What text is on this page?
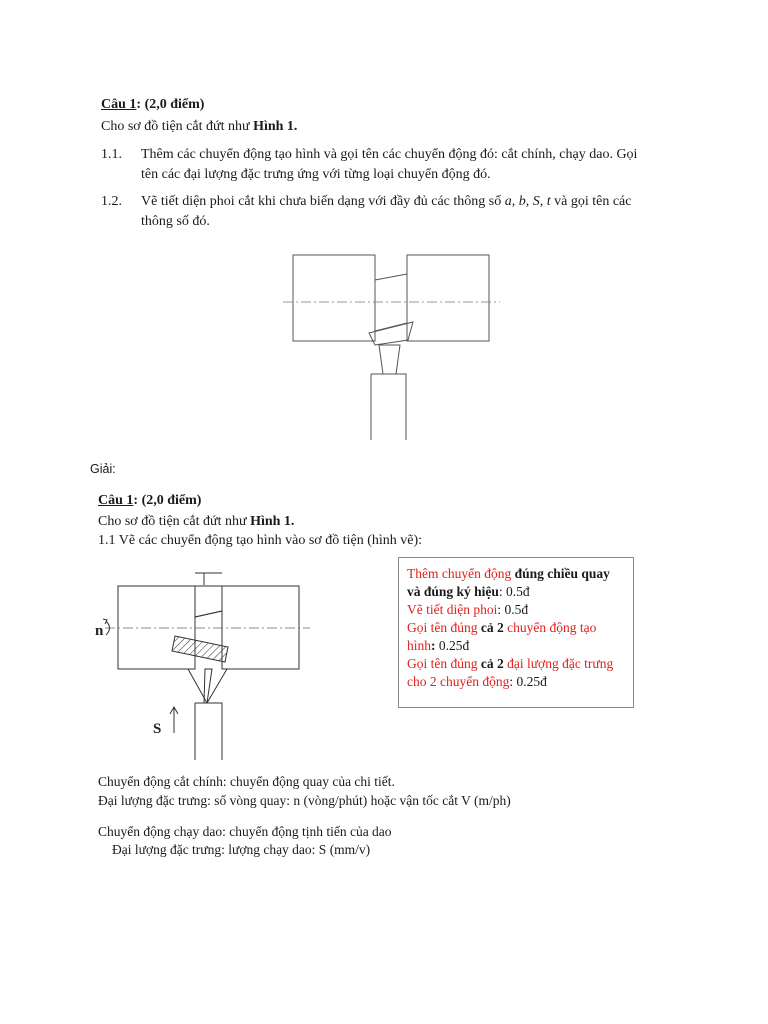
Câu 1: (2,0 điểm)
Cho sơ đồ tiện cắt đứt như Hình 1.
1.1. Thêm các chuyển động tạo hình và gọi tên các chuyển động đó: cắt chính, chạy dao. Gọi
tên các đại lượng đặc trưng ứng với từng loại chuyển động đó.
1.2. Vẽ tiết diện phoi cắt khi chưa biến dạng với đầy đủ các thông số a, b, S, t và gọi tên các
thông số đó.
Giải:
Câu 1: (2,0 điểm)
Cho sơ đồ tiện cắt đứt như Hình 1.
1.1 Vẽ các chuyển động tạo hình vào sơ đồ tiện (hình vẽ):
n
S
Thêm chuyển động đúng chiều quay
và đúng ký hiệu: 0.5đ
Vẽ tiết diện phoi: 0.5đ
Gọi tên đúng cả 2 chuyển động tạo
hình: 0.25đ
Gọi tên đúng cả 2 đại lượng đặc trưng
cho 2 chuyển động: 0.25đ
Chuyển động cắt chính: chuyển động quay của chi tiết.
Đại lượng đặc trưng: số vòng quay: n (vòng/phút) hoặc vận tốc cắt V (m/ph)
Chuyển động chạy dao: chuyển động tịnh tiến của dao
Đại lượng đặc trưng: lượng chạy dao: S (mm/v)
